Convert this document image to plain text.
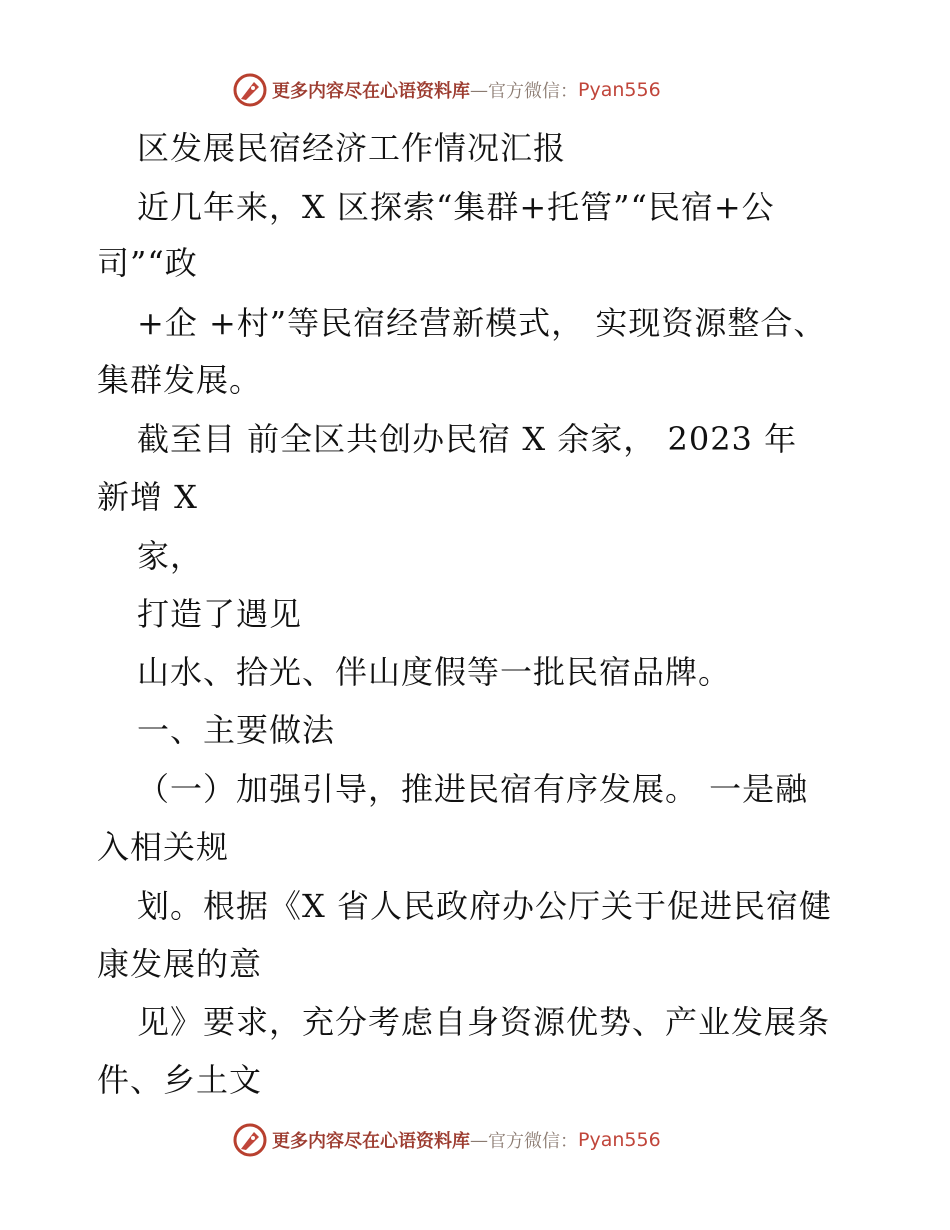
更多内容尽在心语资料库 — 官方微信： Pyan556
区发展民宿经济工作情况汇报
近几年来，X 区探索“集群+托管”“民宿+公
司”“政
+企 +村”等民宿经营新模式， 实现资源整合、
集群发展。
截至目 前全区共创办民宿 X 余家， 2023 年
新增 X
家，
打造了遇见
山水、拾光、伴山度假等一批民宿品牌。
一、主要做法
（一）加强引导，推进民宿有序发展。 一是融
入相关规
划。根据《X 省人民政府办公厅关于促进民宿健
康发展的意
见》要求，充分考虑自身资源优势、产业发展条
件、乡土文
更多内容尽在心语资料库 — 官方微信： Pyan556
